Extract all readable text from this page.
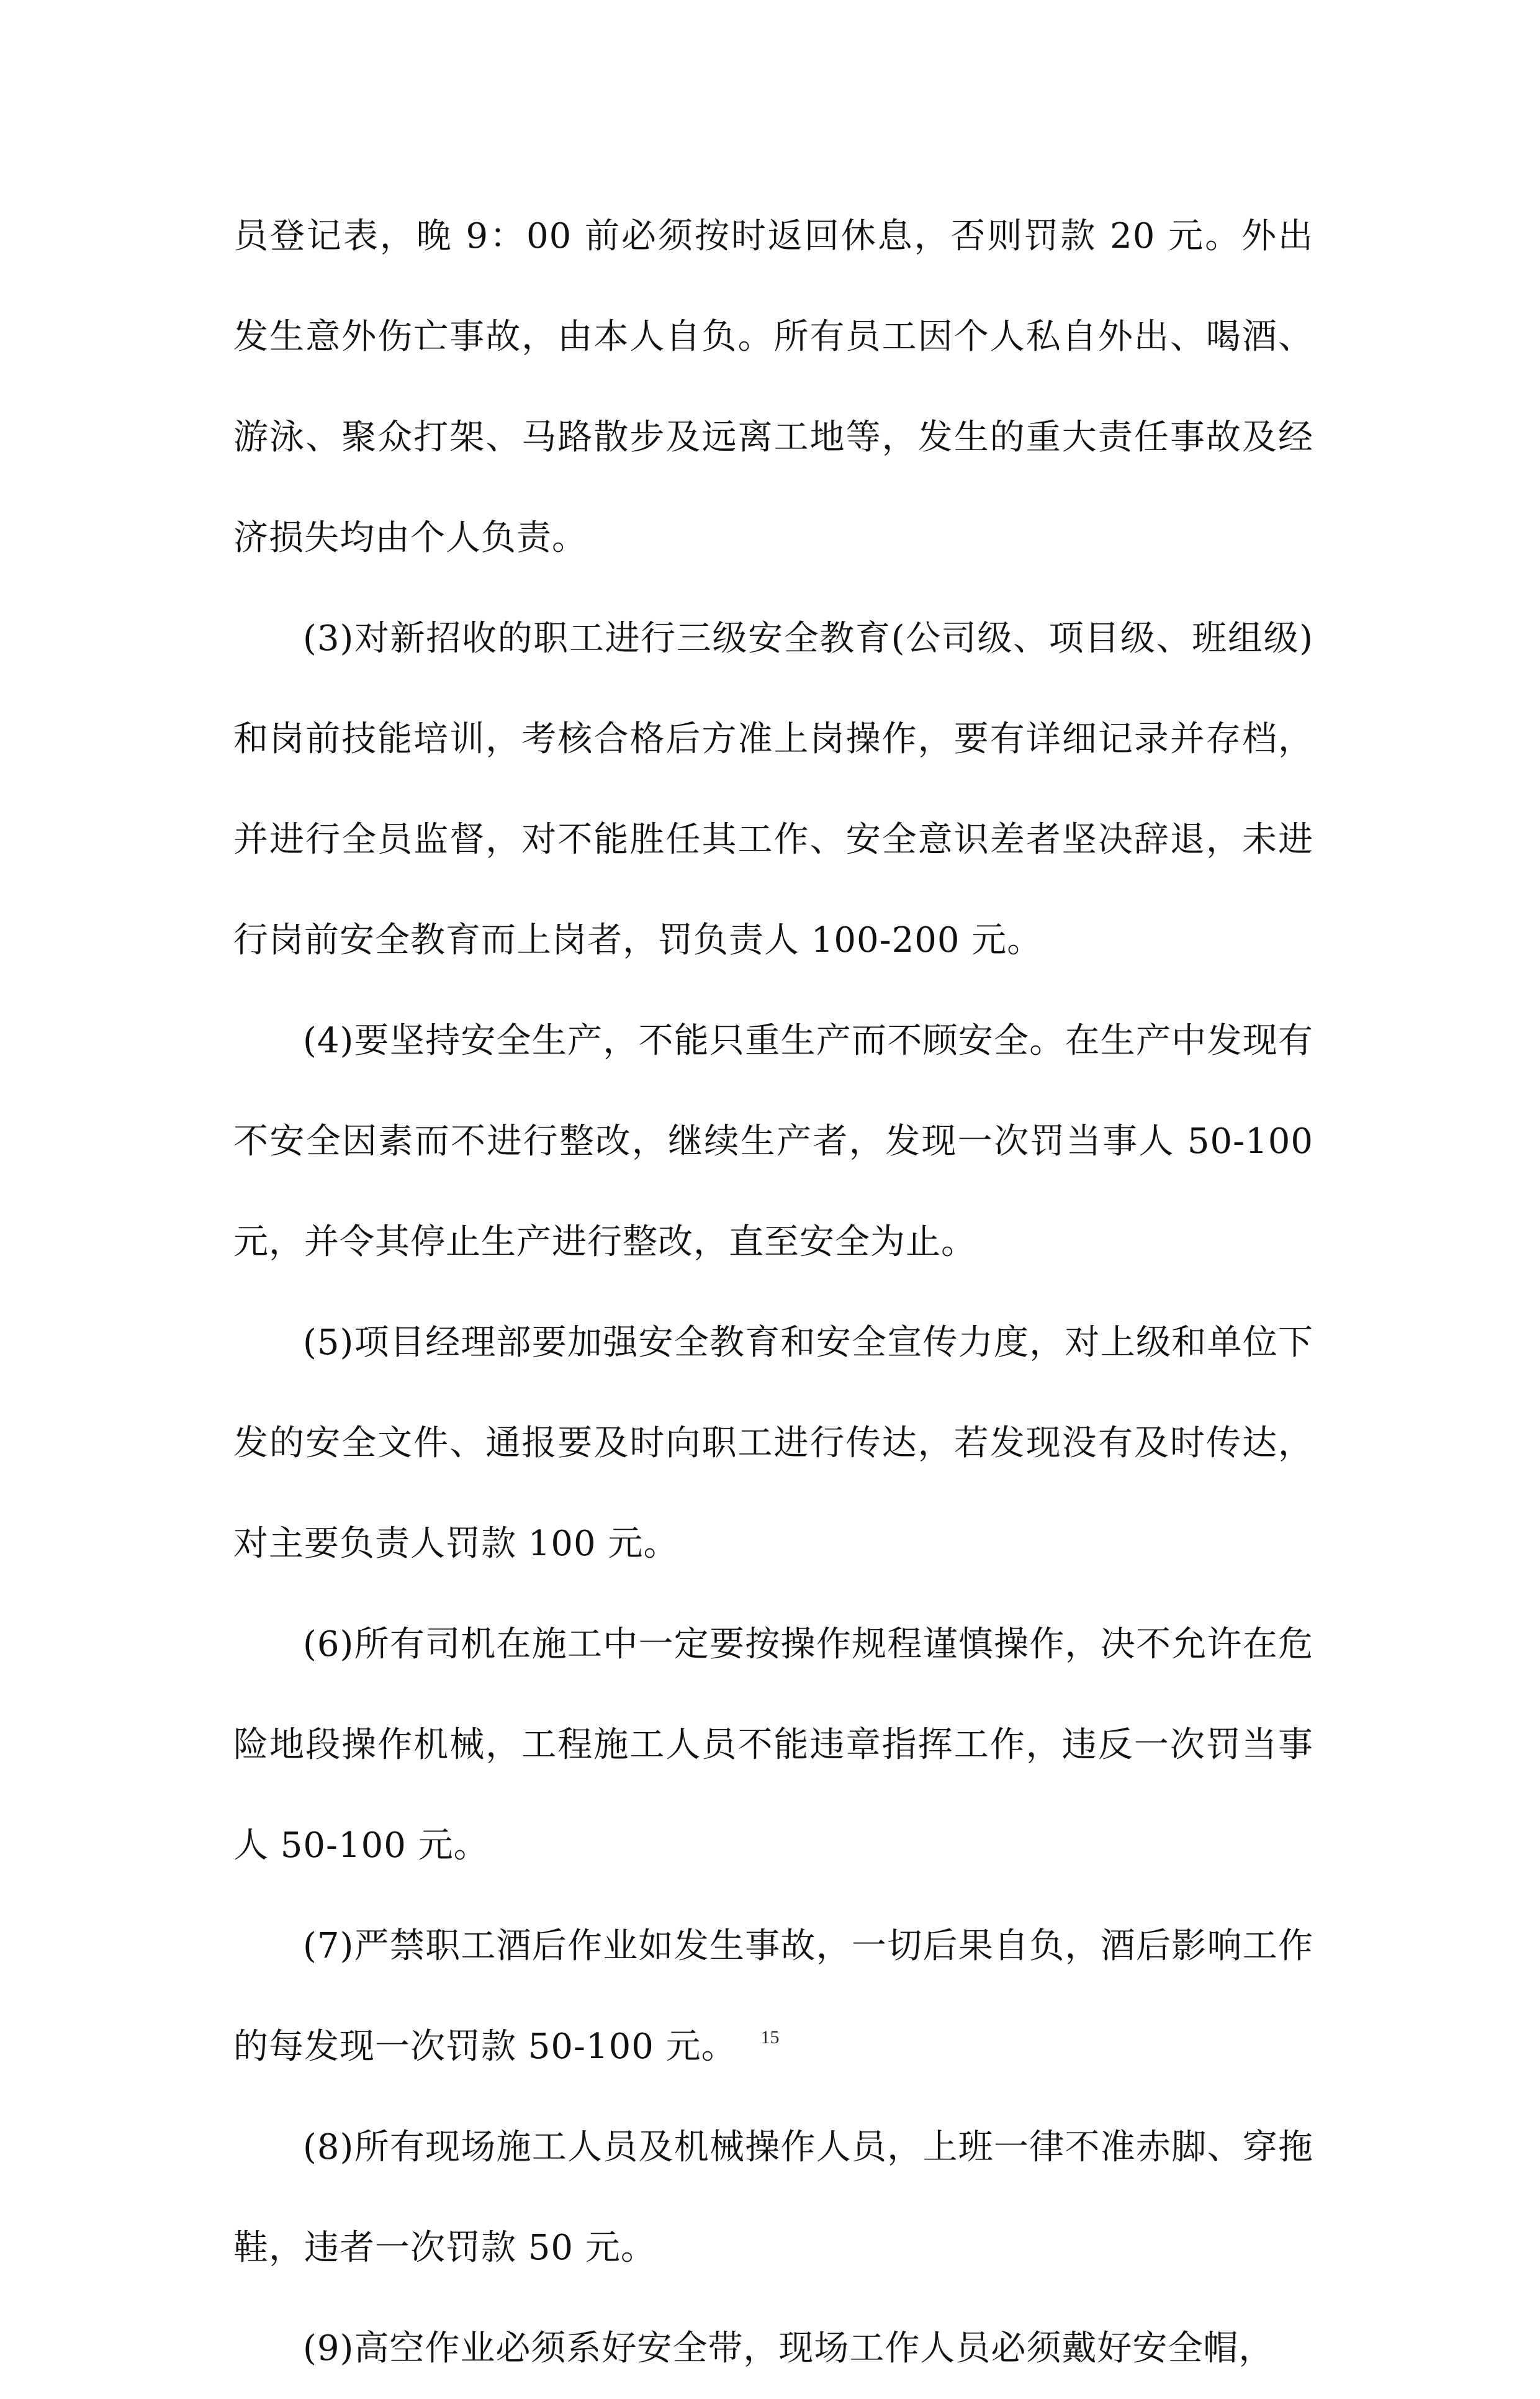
员登记表，晚 9：00 前必须按时返回休息，否则罚款 20 元。外出发生意外伤亡事故，由本人自负。所有员工因个人私自外出、喝酒、游泳、聚众打架、马路散步及远离工地等，发生的重大责任事故及经济损失均由个人负责。

(3)对新招收的职工进行三级安全教育(公司级、项目级、班组级)和岗前技能培训，考核合格后方准上岗操作，要有详细记录并存档，并进行全员监督，对不能胜任其工作、安全意识差者坚决辞退，未进行岗前安全教育而上岗者，罚负责人 100-200 元。

(4)要坚持安全生产，不能只重生产而不顾安全。在生产中发现有不安全因素而不进行整改，继续生产者，发现一次罚当事人 50-100元，并令其停止生产进行整改，直至安全为止。

(5)项目经理部要加强安全教育和安全宣传力度，对上级和单位下发的安全文件、通报要及时向职工进行传达，若发现没有及时传达，对主要负责人罚款 100 元。

(6)所有司机在施工中一定要按操作规程谨慎操作，决不允许在危险地段操作机械，工程施工人员不能违章指挥工作，违反一次罚当事人 50-100 元。

(7)严禁职工酒后作业如发生事故，一切后果自负，酒后影响工作的每发现一次罚款 50-100 元。

(8)所有现场施工人员及机械操作人员，上班一律不准赤脚、穿拖鞋，违者一次罚款 50 元。

(9)高空作业必须系好安全带，现场工作人员必须戴好安全帽，

15
